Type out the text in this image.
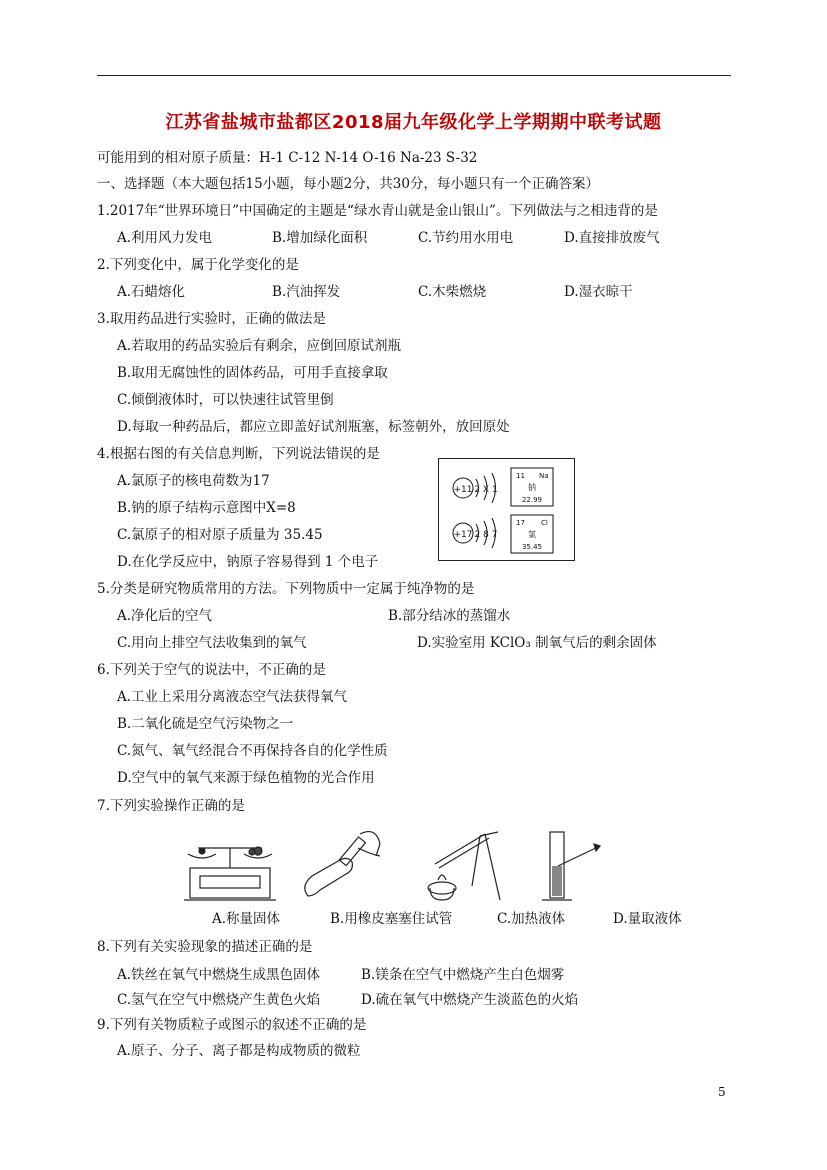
江苏省盐城市盐都区2018届九年级化学上学期期中联考试题
可能用到的相对原子质量：H-1 C-12 N-14 O-16 Na-23 S-32
一、选择题（本大题包括15小题，每小题2分，共30分，每小题只有一个正确答案）
1.2017年“世界环境日”中国确定的主题是“绿水青山就是金山银山”。下列做法与之相违背的是
A.利用风力发电	B.增加绿化面积	C.节约用水用电	D.直接排放废气
2.下列变化中，属于化学变化的是
A.石蜡熔化	B.汽油挥发	C.木柴燃烧	D.湿衣晾干
3.取用药品进行实验时，正确的做法是
A.若取用的药品实验后有剩余，应倒回原试剂瓶
B.取用无腐蚀性的固体药品，可用手直接拿取
C.倾倒液体时，可以快速往试管里倒
D.每取一种药品后，都应立即盖好试剂瓶塞，标签朝外，放回原处
4.根据右图的有关信息判断，下列说法错误的是
A.氯原子的核电荷数为17
B.钠的原子结构示意图中X=8
C.氯原子的相对原子质量为 35.45
D.在化学反应中，钠原子容易得到 1 个电子
+11 2 X 1
11 Na
钠
22.99
+17 2 8 7
17 Cl
氯
35.45
5.分类是研究物质常用的方法。下列物质中一定属于纯净物的是
A.净化后的空气	B.部分结冰的蒸馏水
C.用向上排空气法收集到的氧气	D.实验室用 KClO₃ 制氧气后的剩余固体
6.下列关于空气的说法中，不正确的是
A.工业上采用分离液态空气法获得氧气
B.二氧化硫是空气污染物之一
C.氮气、氧气经混合不再保持各自的化学性质
D.空气中的氧气来源于绿色植物的光合作用
7.下列实验操作正确的是
A.称量固体	B.用橡皮塞塞住试管	C.加热液体	D.量取液体
8.下列有关实验现象的描述正确的是
A.铁丝在氧气中燃烧生成黑色固体	B.镁条在空气中燃烧产生白色烟雾
C.氢气在空气中燃烧产生黄色火焰	D.硫在氧气中燃烧产生淡蓝色的火焰
9.下列有关物质粒子或图示的叙述不正确的是
A.原子、分子、离子都是构成物质的微粒
5
